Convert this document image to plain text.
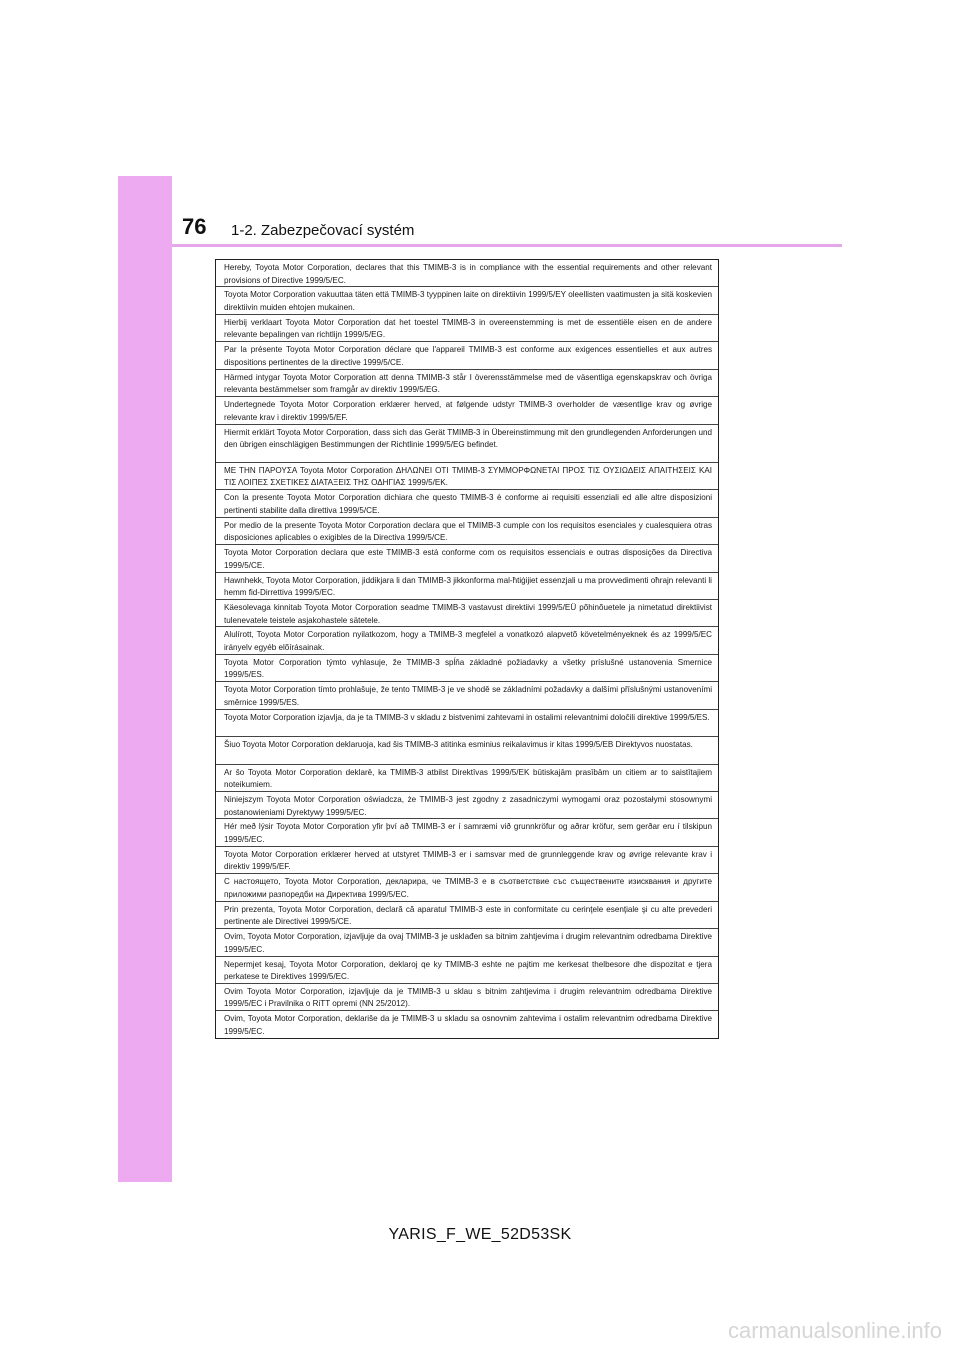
76 1-2. Zabezpečovací systém
Hereby, Toyota Motor Corporation, declares that this TMIMB-3 is in compliance with the essential requirements and other relevant provisions of Directive 1999/5/EC.
Toyota Motor Corporation vakuuttaa täten että TMIMB-3 tyyppinen laite on direktiivin 1999/5/EY oleellisten vaatimusten ja sitä koskevien direktiivin muiden ehtojen mukainen.
Hierbij verklaart Toyota Motor Corporation dat het toestel TMIMB-3 in overeenstemming is met de essentiële eisen en de andere relevante bepalingen van richtlijn 1999/5/EG.
Par la présente Toyota Motor Corporation déclare que l'appareil TMIMB-3 est conforme aux exigences essentielles et aux autres dispositions pertinentes de la directive 1999/5/CE.
Härmed intygar Toyota Motor Corporation att denna TMIMB-3 står I överensstämmelse med de väsentliga egenskapskrav och övriga relevanta bestämmelser som framgår av direktiv 1999/5/EG.
Undertegnede Toyota Motor Corporation erklærer herved, at følgende udstyr TMIMB-3 overholder de væsentlige krav og øvrige relevante krav i direktiv 1999/5/EF.
Hiermit erklärt Toyota Motor Corporation, dass sich das Gerät TMIMB-3 in Übereinstimmung mit den grundlegenden Anforderungen und den übrigen einschlägigen Bestimmungen der Richtlinie 1999/5/EG befindet.
ΜΕ ΤΗΝ ΠΑΡΟΥΣΑ Toyota Motor Corporation ΔΗΛΩΝΕΙ ΟΤΙ TMIMB-3 ΣΥΜΜΟΡΦΩΝΕΤΑΙ ΠΡΟΣ ΤΙΣ ΟΥΣΙΩΔΕΙΣ ΑΠΑΙΤΗΣΕΙΣ ΚΑΙ ΤΙΣ ΛΟΙΠΕΣ ΣΧΕΤΙΚΕΣ ΔΙΑΤΑΞΕΙΣ ΤΗΣ ΟΔΗΓΙΑΣ 1999/5/ΕΚ.
Con la presente Toyota Motor Corporation dichiara che questo TMIMB-3 è conforme ai requisiti essenziali ed alle altre disposizioni pertinenti stabilite dalla direttiva 1999/5/CE.
Por medio de la presente Toyota Motor Corporation declara que el TMIMB-3 cumple con los requisitos esenciales y cualesquiera otras disposiciones aplicables o exigibles de la Directiva 1999/5/CE.
Toyota Motor Corporation declara que este TMIMB-3 está conforme com os requisitos essenciais e outras disposições da Directiva 1999/5/CE.
Hawnhekk, Toyota Motor Corporation, jiddikjara li dan TMIMB-3 jikkonforma mal-ħtiġijiet essenzjali u ma provvedimenti oħrajn relevanti li hemm fid-Dirrettiva 1999/5/EC.
Käesolevaga kinnitab Toyota Motor Corporation seadme TMIMB-3 vastavust direktiivi 1999/5/EÜ põhinõuetele ja nimetatud direktiivist tulenevatele teistele asjakohastele sätetele.
Alulírott, Toyota Motor Corporation nyilatkozom, hogy a TMIMB-3 megfelel a vonatkozó alapvetõ követelményeknek és az 1999/5/EC irányelv egyéb elõírásainak.
Toyota Motor Corporation týmto vyhlasuje, že TMIMB-3 spĺňa základné požiadavky a všetky príslušné ustanovenia Smernice 1999/5/ES.
Toyota Motor Corporation tímto prohlašuje, že tento TMIMB-3 je ve shodě se základními požadavky a dalšími příslušnými ustanoveními směrnice 1999/5/ES.
Toyota Motor Corporation izjavlja, da je ta TMIMB-3 v skladu z bistvenimi zahtevami in ostalimi relevantnimi določili direktive 1999/5/ES.
Šiuo Toyota Motor Corporation deklaruoja, kad šis TMIMB-3 atitinka esminius reikalavimus ir kitas 1999/5/EB Direktyvos nuostatas.
Ar šo Toyota Motor Corporation deklarē, ka TMIMB-3 atbilst Direktīvas 1999/5/EK būtiskajām prasībām un citiem ar to saistītajiem noteikumiem.
Niniejszym Toyota Motor Corporation oświadcza, że TMIMB-3 jest zgodny z zasadniczymi wymogami oraz pozostałymi stosownymi postanowieniami Dyrektywy 1999/5/EC.
Hér með lýsir Toyota Motor Corporation yfir því að TMIMB-3 er í samræmi við grunnkröfur og aðrar kröfur, sem gerðar eru í tilskipun 1999/5/EC.
Toyota Motor Corporation erklærer herved at utstyret TMIMB-3 er i samsvar med de grunnleggende krav og øvrige relevante krav i direktiv 1999/5/EF.
С настоящето, Toyota Motor Corporation, декларира, че TMIMB-3 е в съответствие със съществените изисквания и другите приложими разпоредби на Директива 1999/5/ЕС.
Prin prezenta, Toyota Motor Corporation, declară că aparatul TMIMB-3 este in conformitate cu cerinţele esenţiale şi cu alte prevederi pertinente ale Directivei 1999/5/CE.
Ovim, Toyota Motor Corporation, izjavljuje da ovaj TMIMB-3 je usklađen sa bitnim zahtjevima i drugim relevantnim odredbama Direktive 1999/5/EC.
Nepermjet kesaj, Toyota Motor Corporation, deklaroj qe ky TMIMB-3 eshte ne pajtim me kerkesat thelbesore dhe dispozitat e tjera perkatese te Direktives 1999/5/EC.
Ovim Toyota Motor Corporation, izjavljuje da je TMIMB-3 u sklau s bitnim zahtjevima i drugim relevantnim odredbama Direktive 1999/5/EC i Pravilnika o RiTT opremi (NN 25/2012).
Ovim, Toyota Motor Corporation, deklariše da je TMIMB-3 u skladu sa osnovnim zahtevima i ostalim relevantnim odredbama Direktive 1999/5/EC.
YARIS_F_WE_52D53SK
carmanualsonline.info
